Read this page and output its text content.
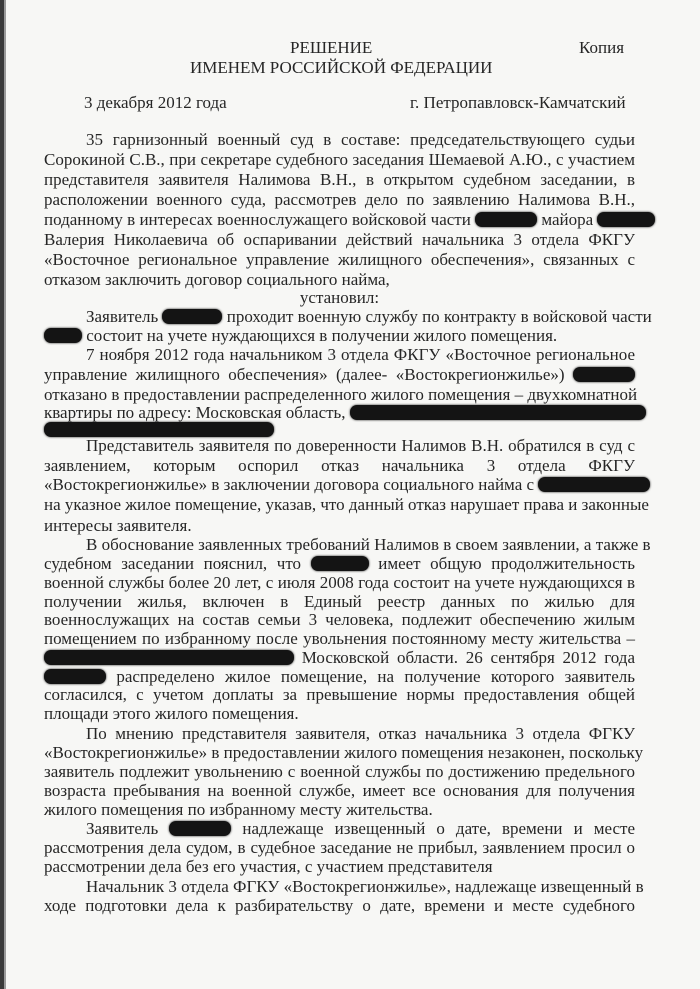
РЕШЕНИЕ	Копия
ИМЕНЕМ РОССИЙСКОЙ ФЕДЕРАЦИИ
3 декабря 2012 года	г. Петропавловск-Камчатский
35 гарнизонный военный суд в составе: председательствующего судьи
Сорокиной С.В., при секретаре судебного заседания Шемаевой А.Ю., с участием
представителя заявителя Налимова В.Н., в открытом судебном заседании, в
расположении военного суда, рассмотрев дело по заявлению Налимова В.Н.,
поданному в интересах военнослужащего войсковой части	майора
Валерия Николаевича об оспаривании действий начальника 3 отдела ФКГУ
«Восточное региональное управление жилищного обеспечения», связанных с
отказом заключить договор социального найма,
установил:
Заявитель	проходит военную службу по контракту в войсковой части
состоит на учете нуждающихся в получении жилого помещения.
7 ноября 2012 года начальником 3 отдела ФКГУ «Восточное региональное
управление жилищного обеспечения» (далее- «Востокрегионжилье»)
отказано в предоставлении распределенного жилого помещения – двухкомнатной
квартиры по адресу: Московская область,
Представитель заявителя по доверенности Налимов В.Н. обратился в суд с
заявлением, которым оспорил отказ начальника 3 отдела ФКГУ
«Востокрегионжилье» в заключении договора социального найма с
на указное жилое помещение, указав, что данный отказ нарушает права и законные
интересы заявителя.
В обоснование заявленных требований Налимов в своем заявлении, а также в
судебном заседании пояснил, что	имеет общую продолжительность
военной службы более 20 лет, с июля 2008 года состоит на учете нуждающихся в
получении жилья, включен в Единый реестр данных по жилью для
военнослужащих на состав семьи 3 человека, подлежит обеспечению жилым
помещением по избранному после увольнения постоянному месту жительства –
Московской области. 26 сентября 2012 года
распределено жилое помещение, на получение которого заявитель
согласился, с учетом доплаты за превышение нормы предоставления общей
площади этого жилого помещения.
По мнению представителя заявителя, отказ начальника 3 отдела ФГКУ
«Востокрегионжилье» в предоставлении жилого помещения незаконен, поскольку
заявитель подлежит увольнению с военной службы по достижению предельного
возраста пребывания на военной службе, имеет все основания для получения
жилого помещения по избранному месту жительства.
Заявитель	надлежаще извещенный о дате, времени и месте
рассмотрения дела судом, в судебное заседание не прибыл, заявлением просил о
рассмотрении дела без его участия, с участием представителя
Начальник 3 отдела ФГКУ «Востокрегионжилье», надлежаще извещенный в
ходе подготовки дела к разбирательству о дате, времени и месте судебного
